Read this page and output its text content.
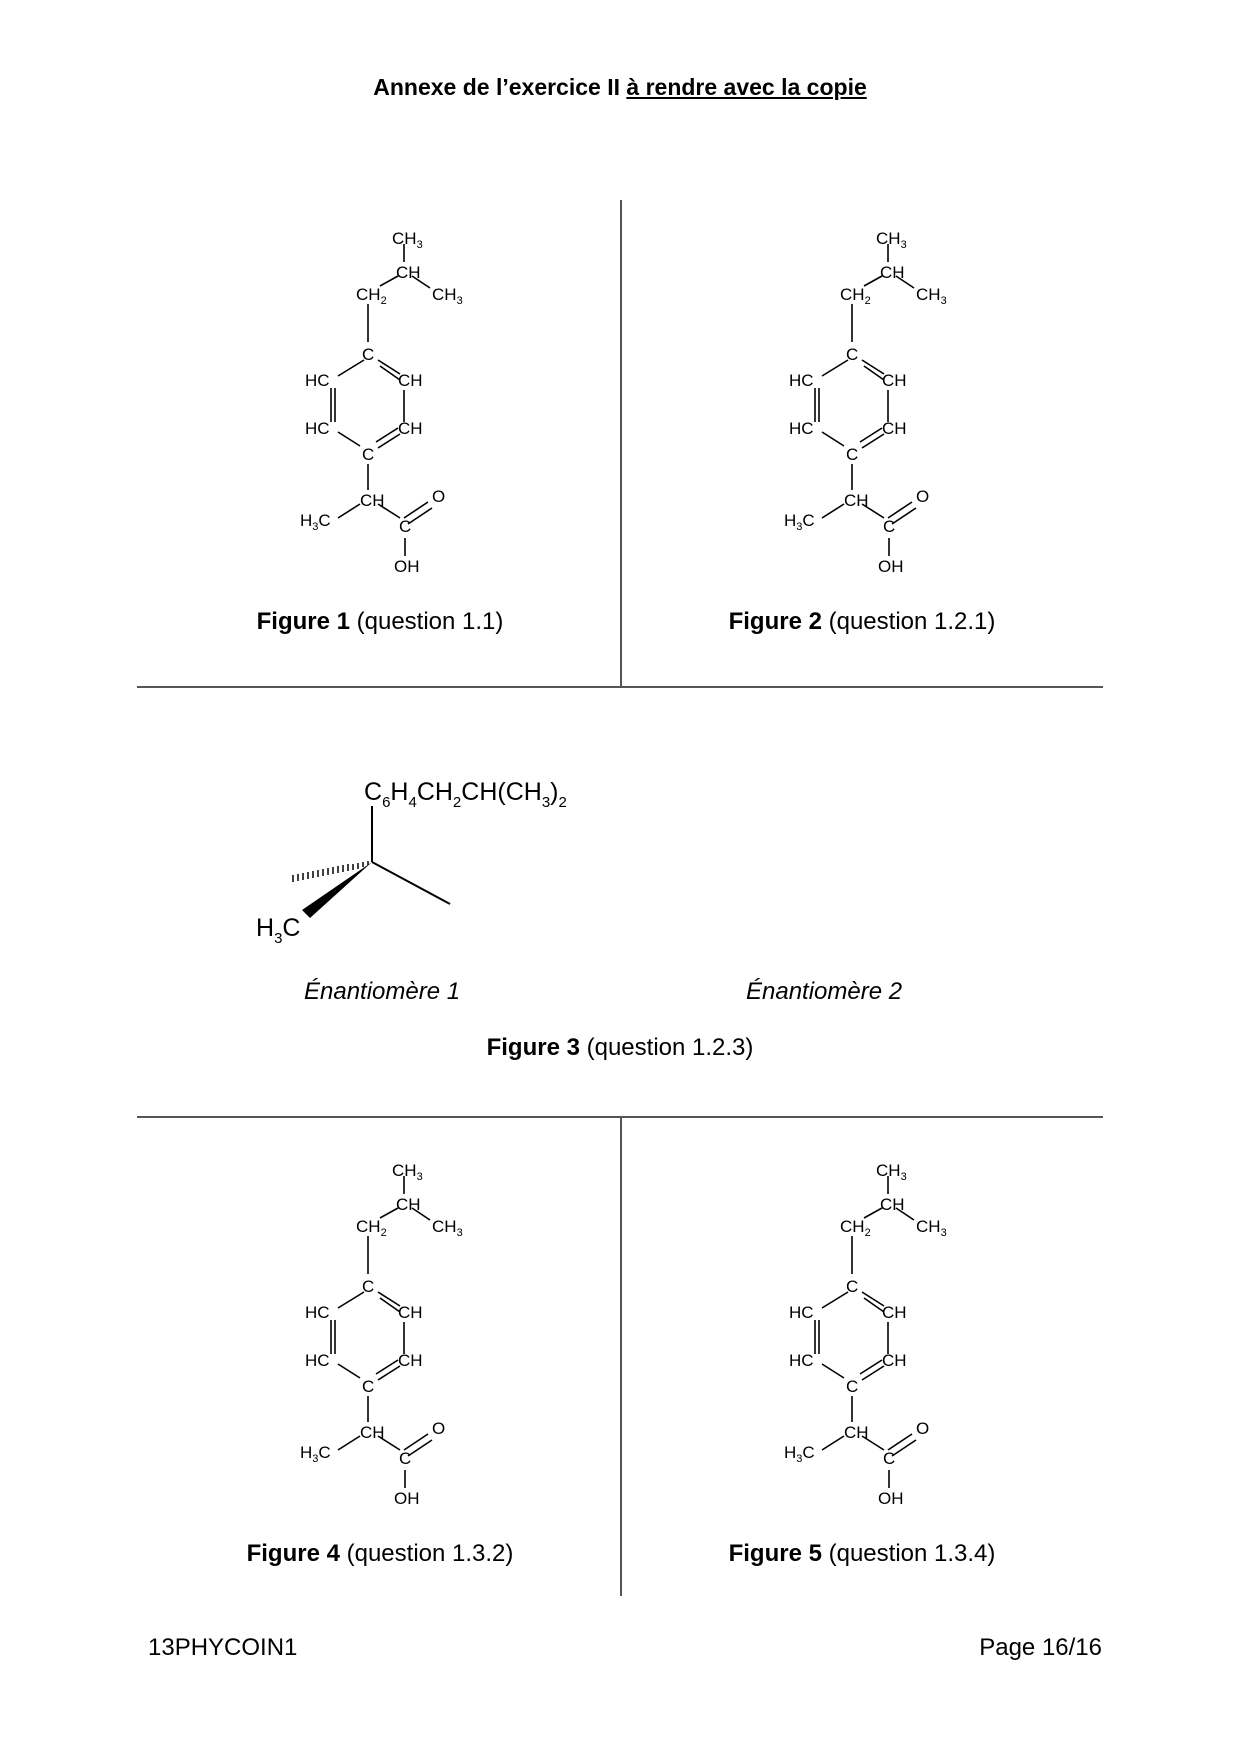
Annexe de l’exercice II à rendre avec la copie
$CH_3$
CH
$CH_2$	$CH_3$
C
HC	CH
HC	CH
C
CH
$H_3C$	C
O
OH
Figure 1 (question 1.1)
$CH_3$
CH
$CH_2$	$CH_3$
C
HC	CH
HC	CH
C
CH
$H_3C$	C
O
OH
Figure 2 (question 1.2.1)
$C_6H_4CH_2CH(CH_3)_2$
$H_3C$
Énantiomère 1	Énantiomère 2
Figure 3 (question 1.2.3)
$CH_3$
CH
$CH_2$	$CH_3$
C
HC	CH
HC	CH
C
CH
$H_3C$	C
O
OH
Figure 4 (question 1.3.2)
$CH_3$
CH
$CH_2$	$CH_3$
C
HC	CH
HC	CH
C
CH
$H_3C$	C
O
OH
Figure 5 (question 1.3.4)
13PHYCOIN1	Page 16/16
